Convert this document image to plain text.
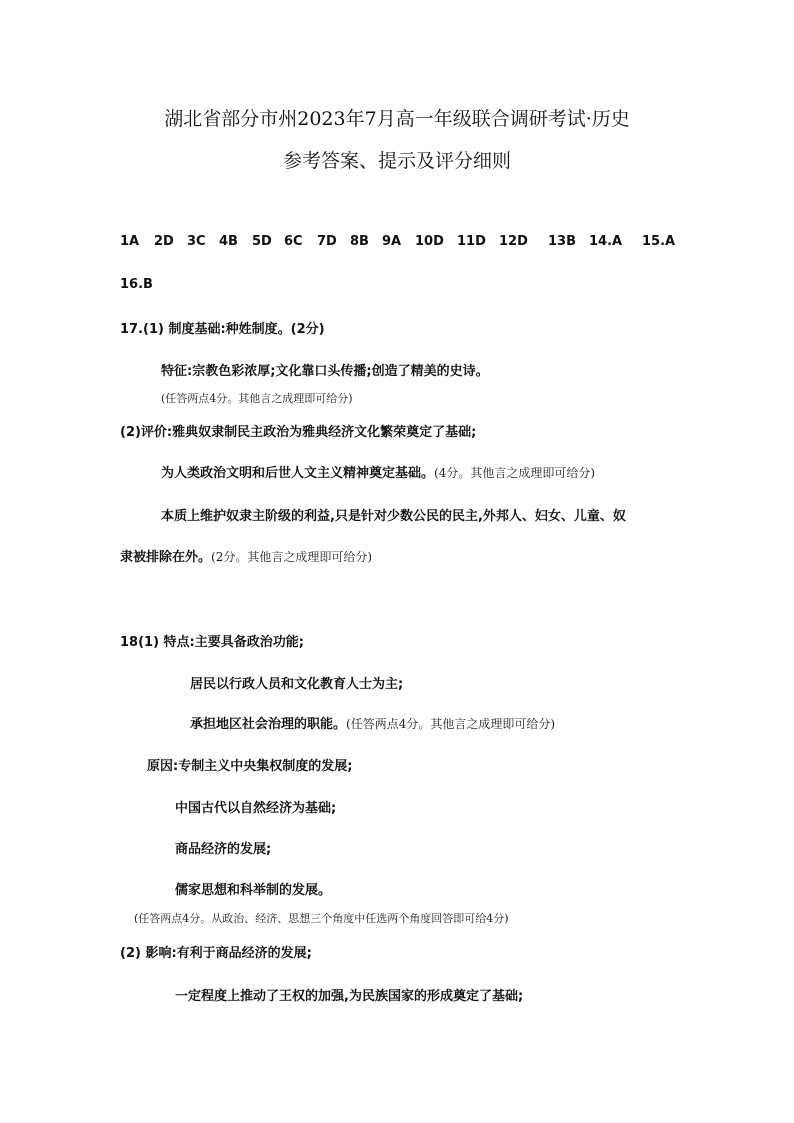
湖北省部分市州2023年7月高一年级联合调研考试·历史
参考答案、提示及评分细则
1A 2D 3C 4B 5D 6C 7D 8B 9A 10D 11D 12D 13B 14.A 15.A
16.B
17.(1) 制度基础:种姓制度。(2分)
特征:宗教色彩浓厚;文化靠口头传播;创造了精美的史诗。
(任答两点4分。其他言之成理即可给分)
(2)评价:雅典奴隶制民主政治为雅典经济文化繁荣奠定了基础;
为人类政治文明和后世人文主义精神奠定基础。(4分。其他言之成理即可给分)
本质上维护奴隶主阶级的利益,只是针对少数公民的民主,外邦人、妇女、儿童、奴
隶被排除在外。(2分。其他言之成理即可给分)
18(1) 特点:主要具备政治功能;
居民以行政人员和文化教育人士为主;
承担地区社会治理的职能。(任答两点4分。其他言之成理即可给分)
原因:专制主义中央集权制度的发展;
中国古代以自然经济为基础;
商品经济的发展;
儒家思想和科举制的发展。
(任答两点4分。从政治、经济、思想三个角度中任选两个角度回答即可给4分)
(2) 影响:有利于商品经济的发展;
一定程度上推动了王权的加强,为民族国家的形成奠定了基础;
